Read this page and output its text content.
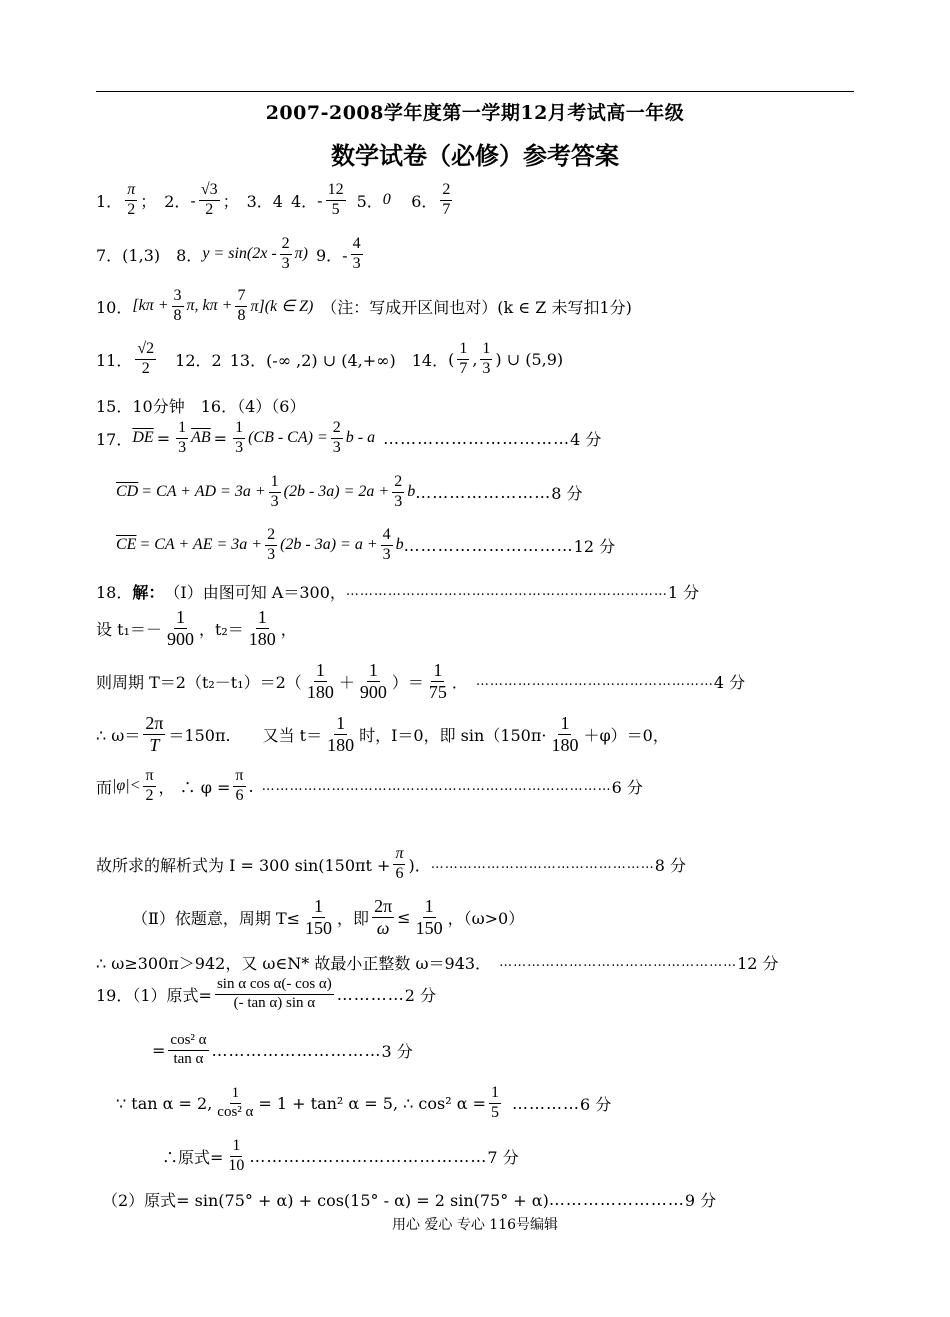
2007-2008学年度第一学期12月考试高一年级
数学试卷（必修）参考答案
1． $\frac{\pi}{2}$ ； 2． - $\frac{√3}{2}$ ； 3．4 4． - $\frac{12}{5} 5$． 0⃗ 6． $\frac{2}{7}$
7．(1,3) 8． $y = \sin(2x - \frac{2}{3} \pi)$ 9．- $\frac{4}{3}$
10． [$k\pi + \frac{3}{8} \pi$, $k\pi + \frac{7}{8} \pi](k$ ∈ Z) （注：写成开区间也对）(k ∈ Z 未写扣1分)
11． $\frac{√2}{2} 12$．2 13．(-∞ ,2) ∪ (4,+∞) 14． ( $\frac{1}{7}$ , $\frac{1}{3}$ ) ∪ (5,9)
15．10分钟　16．（4）（6）
17． $\overline{DE} = \frac{1}{3} \overline{AB} = \frac{1}{3} (CB - CA) = \frac{2}{3}$ b - a …………………………… 4 分
$\overline{CD}$ = CA + AD = $3a + \frac{1}{3} (2b - 3a) = 2a + \frac{2}{3}$ b …………………… 8 分
$\overline{CE}$ = CA + AE = $3a + \frac{2}{3} (2b - 3a) = a + \frac{4}{3}$ b ………………………… 12 分
18． 解： （Ⅰ）由图可知 A＝300， …………………………………………………………… 1 分
设 $t_1=- \frac{1}{900}$ ，$t_2= \frac{1}{180}$ ，
则周期 $T=2(t_2-t_1)=2( \frac{1}{180} + \frac{1}{900}$ ）＝ $\frac{1}{75}$ ． …………………………………………… 4 分
∴ $\omega= \frac{2\pi}{T} =150\pi$.　　又当 $t= \frac{1}{180}$ 时，I＝0，即 $\sin(150\pi\cdot \frac{1}{180} +\varphi)=0$，
而 $|\varphi|< \frac{\pi}{2}$ ， ∴ $\varphi = \frac{\pi}{6}$ . ………………………………………………………………… 6 分
故所求的解析式为 I = 300 $\sin(150\pi t + \frac{\pi}{6}$ )． ………………………………………… 8 分
（Ⅱ）依题意，周期 $T\le \frac{1}{150}$ ，即 $\frac{2\pi}{\omega} \le \frac{1}{150}$ ，（ω>0）
∴ ω≥300π＞942，又 ω∈N* 故最小正整数 ω＝943． …………………………………………… 12 分
19．（1）原式= $\frac{\text{sin α cos α(- cos α)}}{\text{(- tan α) sin α}}$ ………… 2 分
= $\frac{\text{cos² α}}{\text{tan α}}$ ………………………… 3 分
∵ tan α = 2, $\frac{1}{\text{cos² α}} = 1 + \tan^2$ α = 5, ∴ cos² $\alpha = \frac{1}{5}$ ………… 6 分
∴原式= $\frac{1}{10}$ …………………………………… 7 分
（2）原式= sin(75° + α) + cos(15° - α) = 2 sin(75° + α) …………………… 9 分
用心 爱心 专心 116号编辑
